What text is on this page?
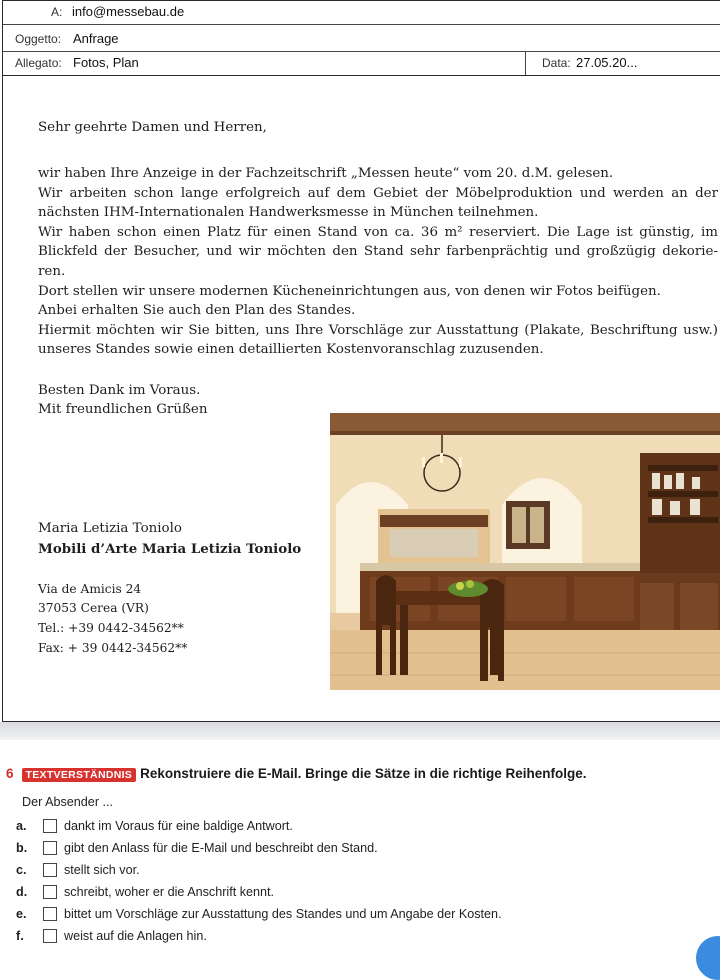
A: info@messebau.de
Oggetto: Anfrage
Allegato: Fotos, Plan	Data: 27.05.20...
Sehr geehrte Damen und Herren,

wir haben Ihre Anzeige in der Fachzeitschrift „Messen heute“ vom 20. d.M. gelesen.

Wir arbeiten schon lange erfolgreich auf dem Gebiet der Möbelproduktion und werden an der nächsten IHM-Internationalen Handwerksmesse in München teilnehmen.

Wir haben schon einen Platz für einen Stand von ca. 36 m² reserviert. Die Lage ist günstig, im Blickfeld der Besucher, und wir möchten den Stand sehr farbenprächtig und großzügig dekorie-ren.

Dort stellen wir unsere modernen Kücheneinrichtungen aus, von denen wir Fotos beifügen.

Anbei erhalten Sie auch den Plan des Standes.

Hiermit möchten wir Sie bitten, uns Ihre Vorschläge zur Ausstattung (Plakate, Beschriftung usw.) unseres Standes sowie einen detaillierten Kostenvoranschlag zuzusenden.

Besten Dank im Voraus.
Mit freundlichen Grüßen
Maria Letizia Toniolo
Mobili d’Arte Maria Letizia Toniolo
Via de Amicis 24
37053 Cerea (VR)
Tel.: +39 0442-34562**
Fax: + 39 0442-34562**
6 TEXTVERSTÄNDNIS Rekonstruiere die E-Mail. Bringe die Sätze in die richtige Reihenfolge.
Der Absender ...
a.	dankt im Voraus für eine baldige Antwort.
b.	gibt den Anlass für die E-Mail und beschreibt den Stand.
c.	stellt sich vor.
d.	schreibt, woher er die Anschrift kennt.
e.	bittet um Vorschläge zur Ausstattung des Standes und um Angabe der Kosten.
f.	weist auf die Anlagen hin.
